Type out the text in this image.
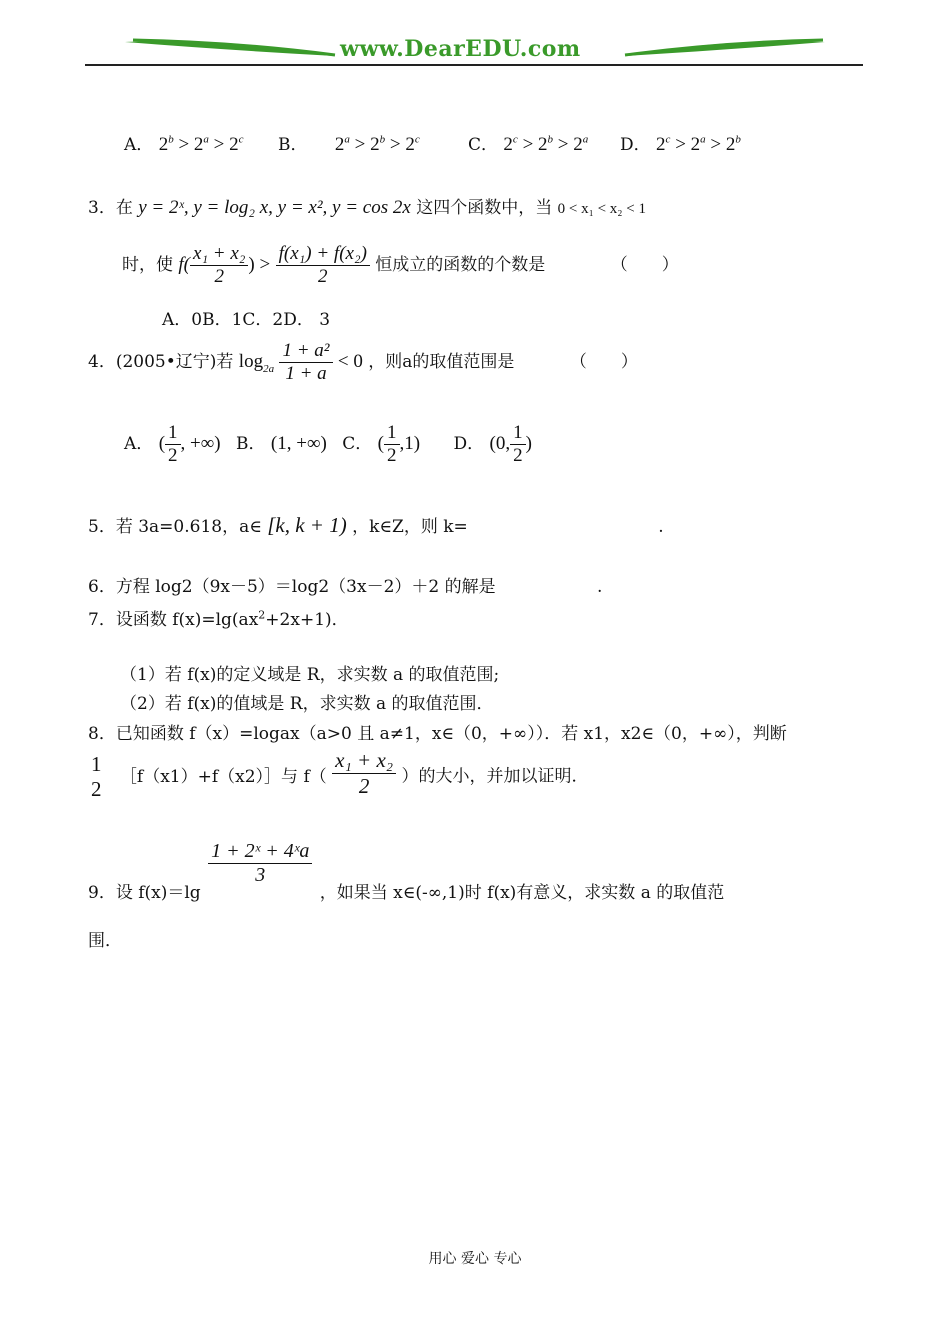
www.DearEDU.com
A． $2^b > 2^a > 2^c$ B． $2^a > 2^b > 2^c$	C． $2^c > 2^b > 2^a$ D． $2^c > 2^a > 2^b$
3．在 y = 2ˣ, y = log₂ x, y = x², y = cos 2x 这四个函数中，当 0 < x₁ < x₂ < 1
时，使 $f( \frac{\text{x₁ + x₂}}{2}$ ) > $\frac{\text{f(x₁) + f(x₂)}}{2}$ 恒成立的函数的个数是	（　　）
A．0B．1C．2D． 3
4．(2005•辽宁)若 $\log_{2a} \frac{\text{1 + a²}}{1 + a} < 0$ ，则a的取值范围是	（　　）
A． ( $\frac{1}{2}$ , +∞) B． (1, +∞) C． ( $\frac{1}{2} ,1$) D． (0, $\frac{1}{2}$ )
5．若 3a=0.618，a∈ [k, k + 1) ，k∈Z，则 k=	.
6．方程 log2（9x－5）＝log2（3x－2）＋2 的解是	.
7．设函数 $f(x)=\lg(ax^2+2x+1)$．
（1）若 f(x)的定义域是 R，求实数 a 的取值范围;
（2）若 f(x)的值域是 R，求实数 a 的取值范围．
8．已知函数 f（x）=logax（a>0 且 a≠1，x∈（0，+∞））．若 x1，x2∈（0，+∞），判断
1
2
［f（x1）+f（x2）］与 $f( \frac{\text{x₁ + x₂}}{2}$ ）的大小，并加以证明．
9．设 f(x)＝lg
$\frac{\text{1 + 2ˣ + 4ˣa}}{3}$
，如果当 x∈(-∞,1)时 f(x)有意义，求实数 a 的取值范
围．
用心 爱心 专心
